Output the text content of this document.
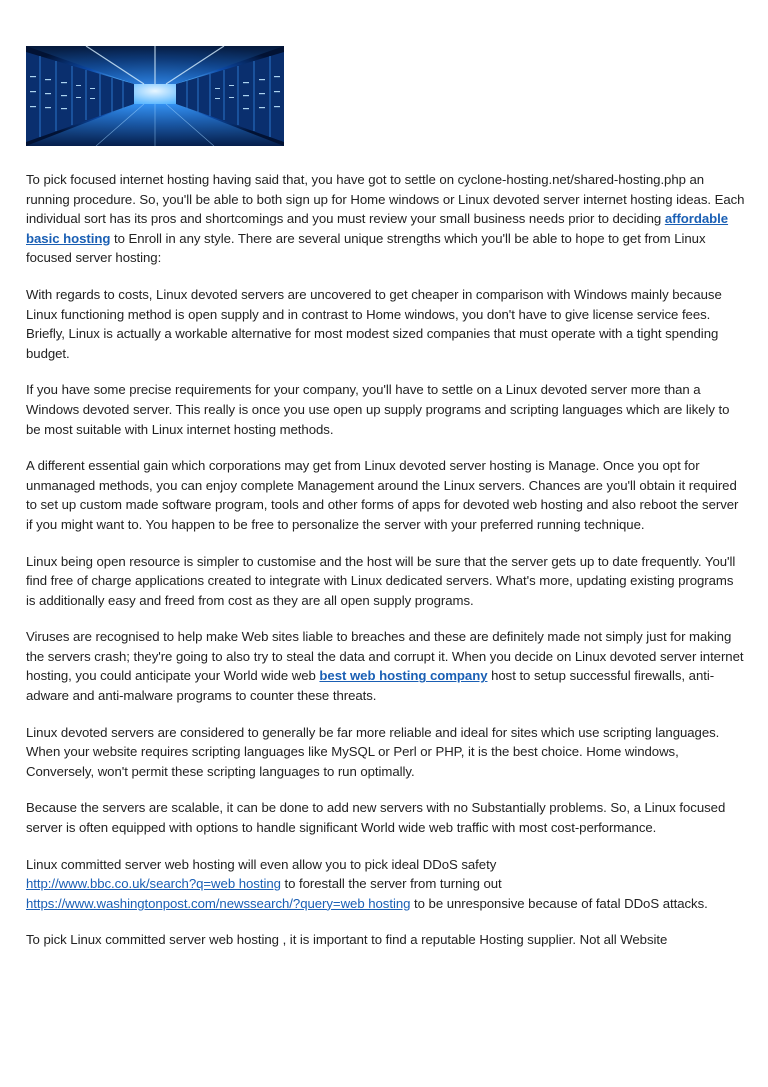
To pick focused internet hosting having said that, you have got to settle on cyclone-hosting.net/shared-hosting.php an running procedure. So, you'll be able to both sign up for Home windows or Linux devoted server internet hosting ideas. Each individual sort has its pros and shortcomings and you must review your small business needs prior to deciding affordable basic hosting to Enroll in any style. There are several unique strengths which you'll be able to hope to get from Linux focused server hosting:

With regards to costs, Linux devoted servers are uncovered to get cheaper in comparison with Windows mainly because Linux functioning method is open supply and in contrast to Home windows, you don't have to give license service fees. Briefly, Linux is actually a workable alternative for most modest sized companies that must operate with a tight spending budget.

If you have some precise requirements for your company, you'll have to settle on a Linux devoted server more than a Windows devoted server. This really is once you use open up supply programs and scripting languages which are likely to be most suitable with Linux internet hosting methods.

A different essential gain which corporations may get from Linux devoted server hosting is Manage. Once you opt for unmanaged methods, you can enjoy complete Management around the Linux servers. Chances are you'll obtain it required to set up custom made software program, tools and other forms of apps for devoted web hosting and also reboot the server if you might want to. You happen to be free to personalize the server with your preferred running technique.

Linux being open resource is simpler to customise and the host will be sure that the server gets up to date frequently. You'll find free of charge applications created to integrate with Linux dedicated servers. What's more, updating existing programs is additionally easy and freed from cost as they are all open supply programs.

Viruses are recognised to help make Web sites liable to breaches and these are definitely made not simply just for making the servers crash; they're going to also try to steal the data and corrupt it. When you decide on Linux devoted server internet hosting, you could anticipate your World wide web best web hosting company host to setup successful firewalls, anti-adware and anti-malware programs to counter these threats.

Linux devoted servers are considered to generally be far more reliable and ideal for sites which use scripting languages. When your website requires scripting languages like MySQL or Perl or PHP, it is the best choice. Home windows, Conversely, won't permit these scripting languages to run optimally.

Because the servers are scalable, it can be done to add new servers with no Substantially problems. So, a Linux focused server is often equipped with options to handle significant World wide web traffic with most cost-performance.

Linux committed server web hosting will even allow you to pick ideal DDoS safety
http://www.bbc.co.uk/search?q=web hosting to forestall the server from turning out
https://www.washingtonpost.com/newssearch/?query=web hosting to be unresponsive because of fatal DDoS attacks.

To pick Linux committed server web hosting , it is important to find a reputable Hosting supplier. Not all Website
